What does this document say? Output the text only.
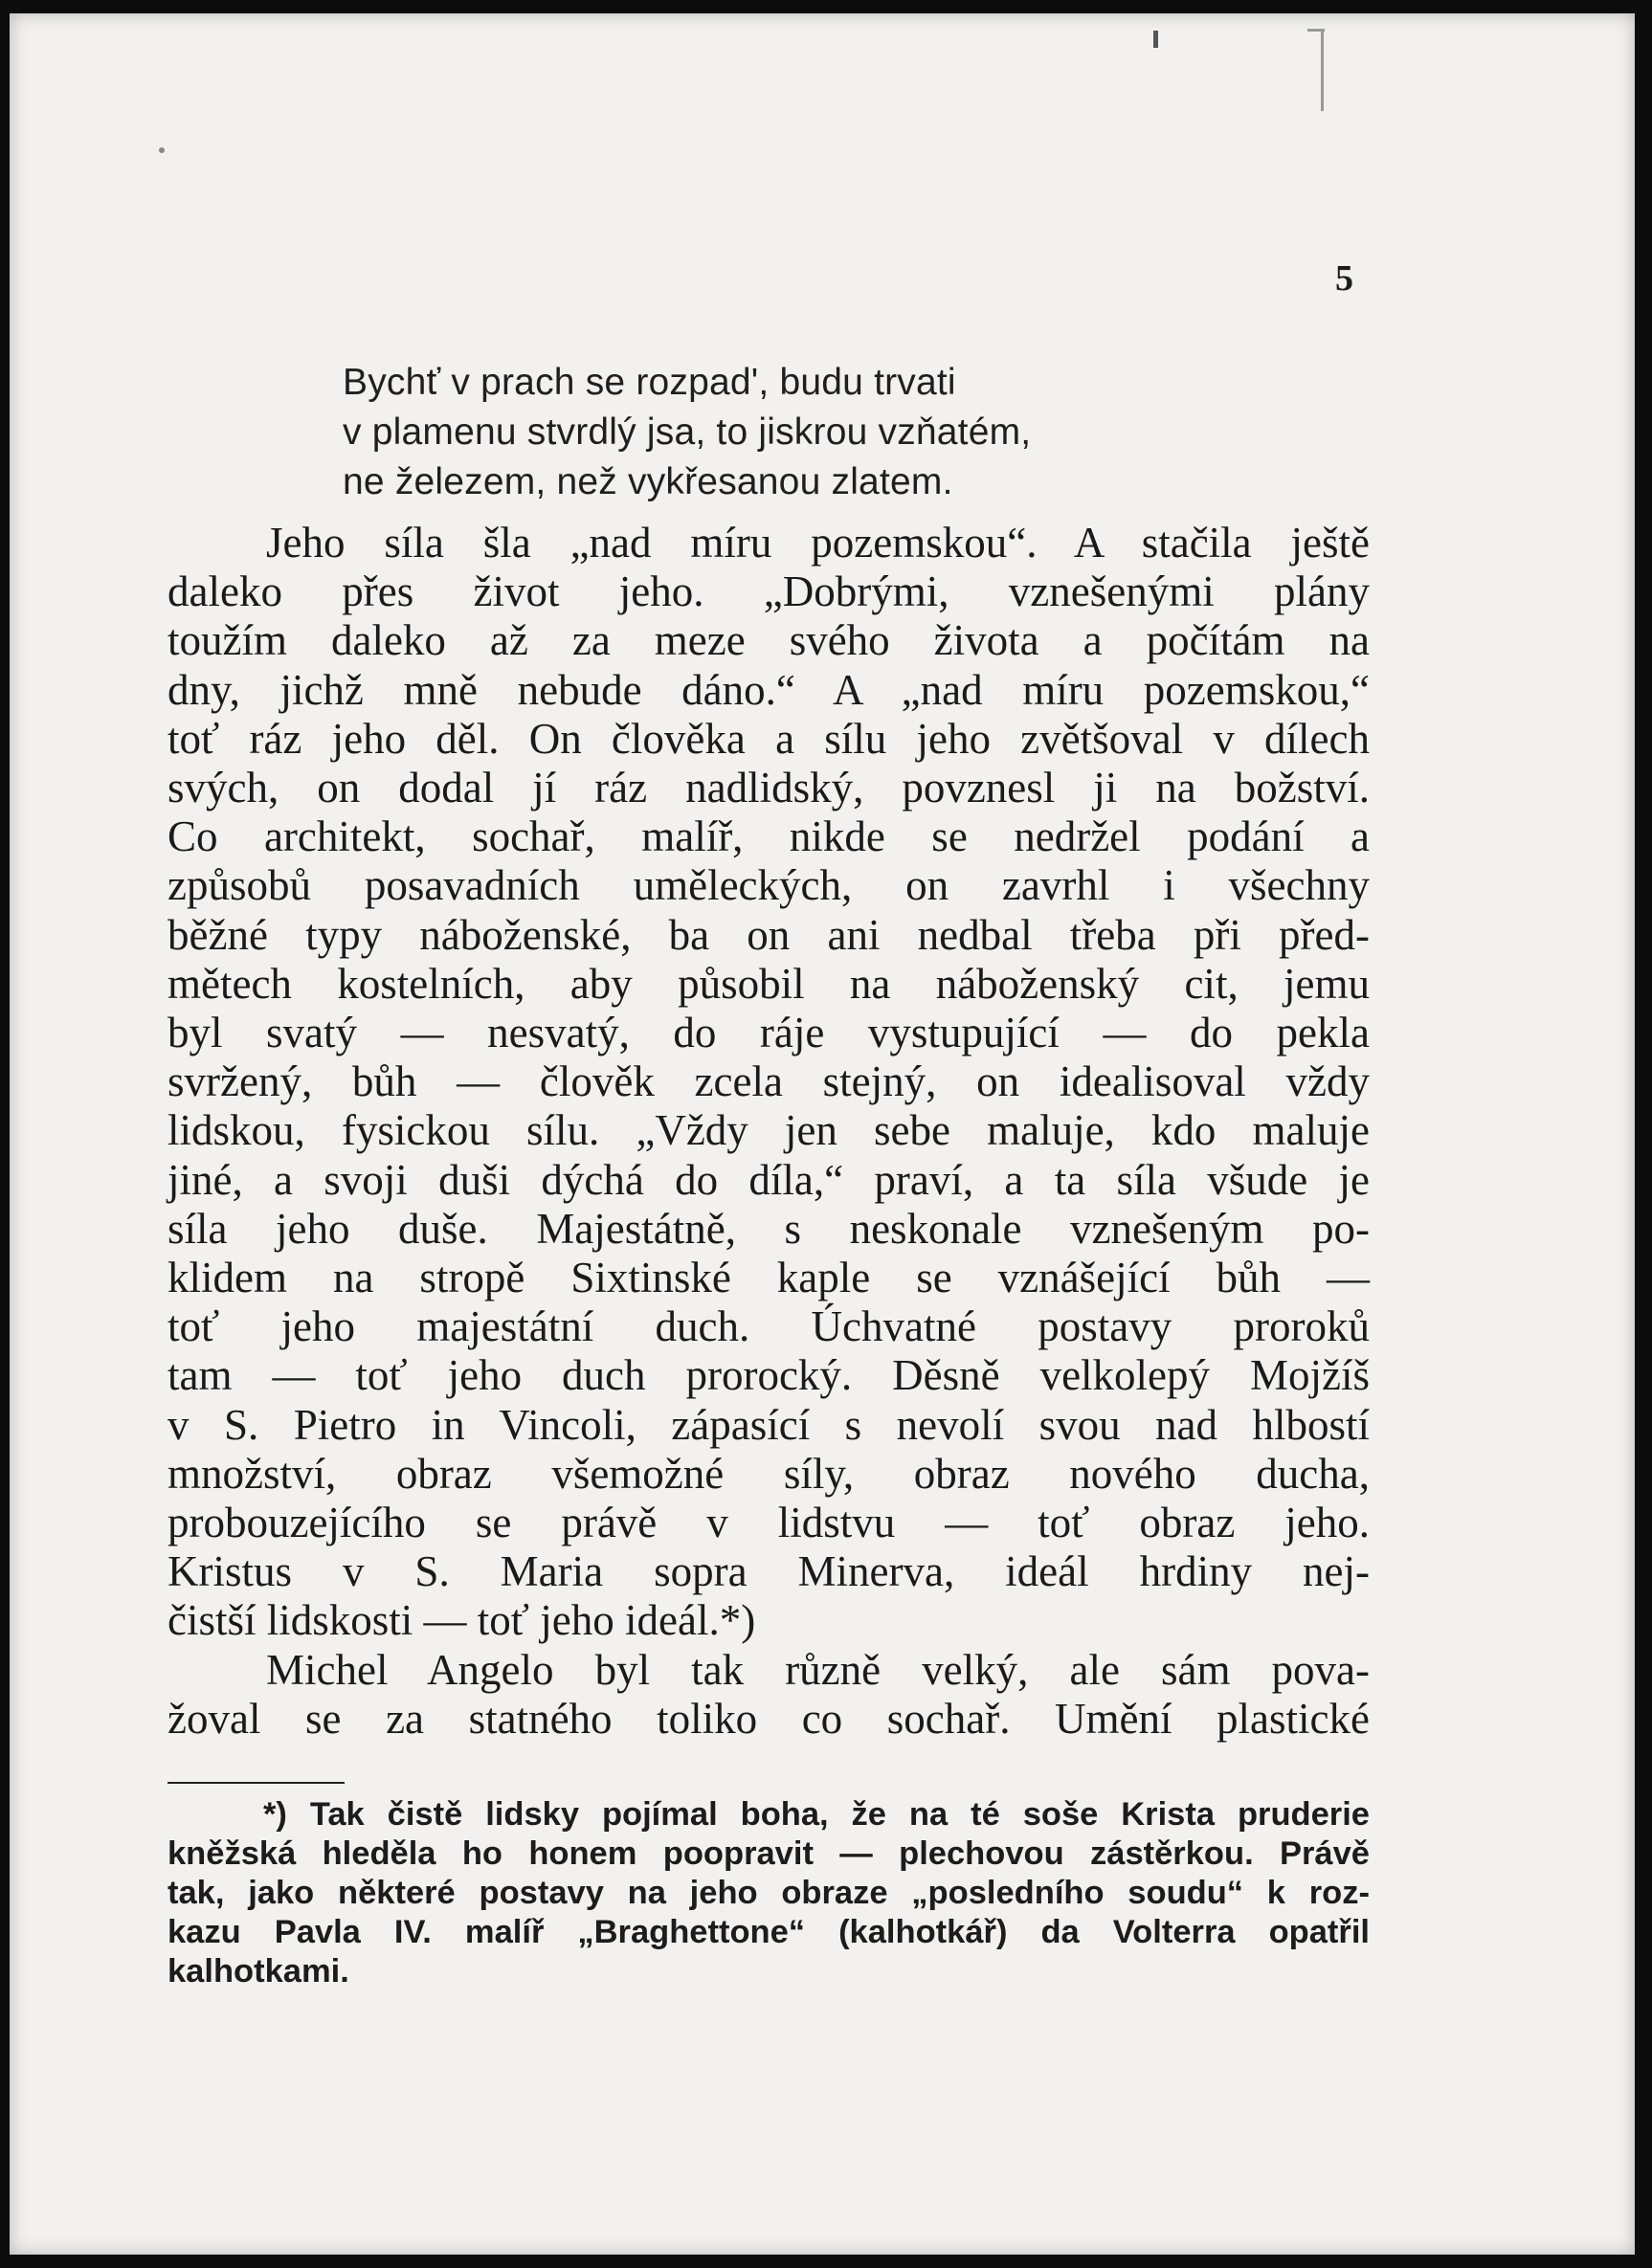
5
Bychť v prach se rozpad', budu trvati
v plamenu stvrdlý jsa, to jiskrou vzňatém,
ne železem, než vykřesanou zlatem.
Jeho síla šla „nad míru pozemskou“. A stačila ještě
daleko přes život jeho. „Dobrými, vznešenými plány
toužím daleko až za meze svého života a počítám na
dny, jichž mně nebude dáno.“ A „nad míru pozemskou,“
toť ráz jeho děl. On člověka a sílu jeho zvětšoval v dílech
svých, on dodal jí ráz nadlidský, povznesl ji na božství.
Co architekt, sochař, malíř, nikde se nedržel podání a
způsobů posavadních uměleckých, on zavrhl i všechny
běžné typy náboženské, ba on ani nedbal třeba při před-
mětech kostelních, aby působil na náboženský cit, jemu
byl svatý — nesvatý, do ráje vystupující — do pekla
svržený, bůh — člověk zcela stejný, on idealisoval vždy
lidskou, fysickou sílu. „Vždy jen sebe maluje, kdo maluje
jiné, a svoji duši dýchá do díla,“ praví, a ta síla všude je
síla jeho duše. Majestátně, s neskonale vznešeným po-
klidem na stropě Sixtinské kaple se vznášející bůh —
toť jeho majestátní duch. Úchvatné postavy proroků
tam — toť jeho duch prorocký. Děsně velkolepý Mojžíš
v S. Pietro in Vincoli, zápasící s nevolí svou nad hlbostí
množství, obraz všemožné síly, obraz nového ducha,
probouzejícího se právě v lidstvu — toť obraz jeho.
Kristus v S. Maria sopra Minerva, ideál hrdiny nej-
čistší lidskosti — toť jeho ideál.*)
Michel Angelo byl tak různě velký, ale sám pova-
žoval se za statného toliko co sochař. Umění plastické
*) Tak čistě lidsky pojímal boha, že na té soše Krista pruderie
kněžská hleděla ho honem poopravit — plechovou zástěrkou. Právě
tak, jako některé postavy na jeho obraze „posledního soudu“ k roz-
kazu Pavla IV. malíř „Braghettone“ (kalhotkář) da Volterra opatřil
kalhotkami.
